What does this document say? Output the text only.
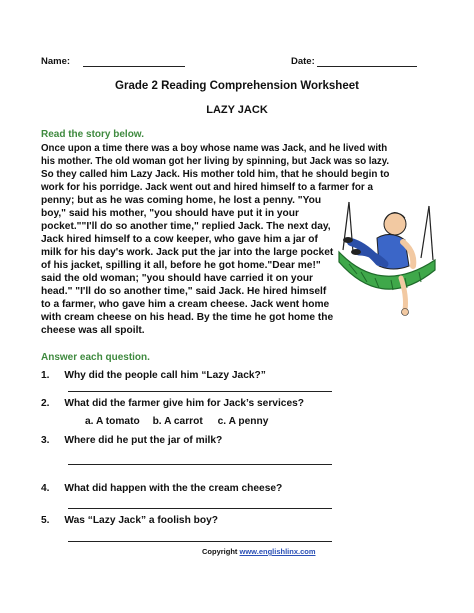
Name:	Date:
Grade 2 Reading Comprehension Worksheet
LAZY JACK
Read the story below.
Once upon a time there was a boy whose name was Jack, and he lived with
his mother. The old woman got her living by spinning, but Jack was so lazy.
So they called him Lazy Jack. His mother told him, that he should begin to
work for his porridge. Jack went out and hired himself to a farmer for a
penny; but as he was coming home, he lost a penny. "You
boy," said his mother, "you should have put it in your
pocket.""I'll do so another time," replied Jack. The next day,
Jack hired himself to a cow keeper, who gave him a jar of
milk for his day's work. Jack put the jar into the large pocket
of his jacket, spilling it all, before he got home."Dear me!"
said the old woman; "you should have carried it on your
head." "I'll do so another time," said Jack. He hired himself
to a farmer, who gave him a cream cheese. Jack went home
with cream cheese on his head. By the time he got home the
cheese was all spoilt.
Answer each question.
1. Why did the people call him “Lazy Jack?”
2. What did the farmer give him for Jack’s services?
a. A tomato b. A carrot c. A penny
3. Where did he put the jar of milk?
4. What did happen with the the cream cheese?
5. Was “Lazy Jack” a foolish boy?
Copyright www.englishlinx.com
